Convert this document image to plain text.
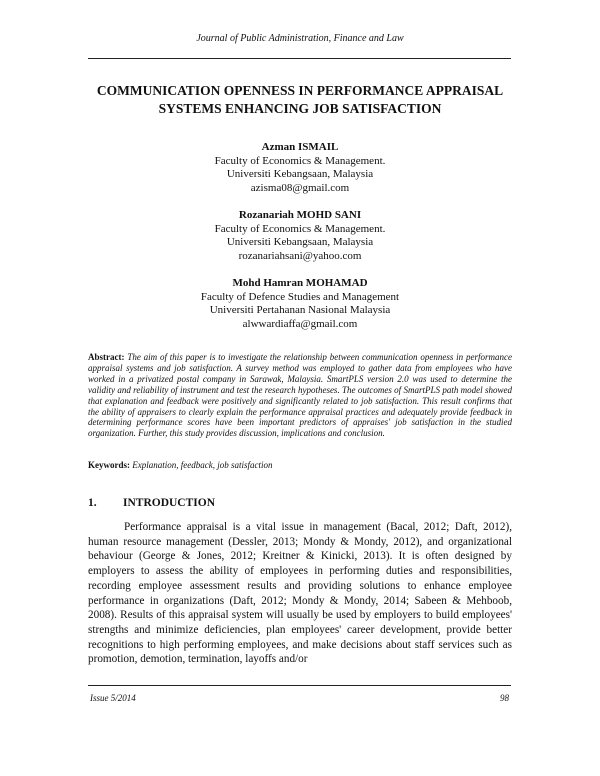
Journal of Public Administration, Finance and Law
COMMUNICATION OPENNESS IN PERFORMANCE APPRAISAL
SYSTEMS ENHANCING JOB SATISFACTION
Azman ISMAIL
Faculty of Economics & Management.
Universiti Kebangsaan, Malaysia
azisma08@gmail.com
Rozanariah MOHD SANI
Faculty of Economics & Management.
Universiti Kebangsaan, Malaysia
rozanariahsani@yahoo.com
Mohd Hamran MOHAMAD
Faculty of Defence Studies and Management
Universiti Pertahanan Nasional Malaysia
alwwardiaffa@gmail.com
Abstract: The aim of this paper is to investigate the relationship between communication openness in performance appraisal systems and job satisfaction. A survey method was employed to gather data from employees who have worked in a privatized postal company in Sarawak, Malaysia. SmartPLS version 2.0 was used to determine the validity and reliability of instrument and test the research hypotheses. The outcomes of SmartPLS path model showed that explanation and feedback were positively and significantly related to job satisfaction. This result confirms that the ability of appraisers to clearly explain the performance appraisal practices and adequately provide feedback in determining performance scores have been important predictors of appraises' job satisfaction in the studied organization. Further, this study provides discussion, implications and conclusion.
Keywords: Explanation, feedback, job satisfaction
1. INTRODUCTION
Performance appraisal is a vital issue in management (Bacal, 2012; Daft, 2012), human resource management (Dessler, 2013; Mondy & Mondy, 2012), and organizational behaviour (George & Jones, 2012; Kreitner & Kinicki, 2013). It is often designed by employers to assess the ability of employees in performing duties and responsibilities, recording employee assessment results and providing solutions to enhance employee performance in organizations (Daft, 2012; Mondy & Mondy, 2014; Sabeen & Mehboob, 2008). Results of this appraisal system will usually be used by employers to build employees' strengths and minimize deficiencies, plan employees' career development, provide better recognitions to high performing employees, and make decisions about staff services such as promotion, demotion, termination, layoffs and/or
Issue 5/2014	98
